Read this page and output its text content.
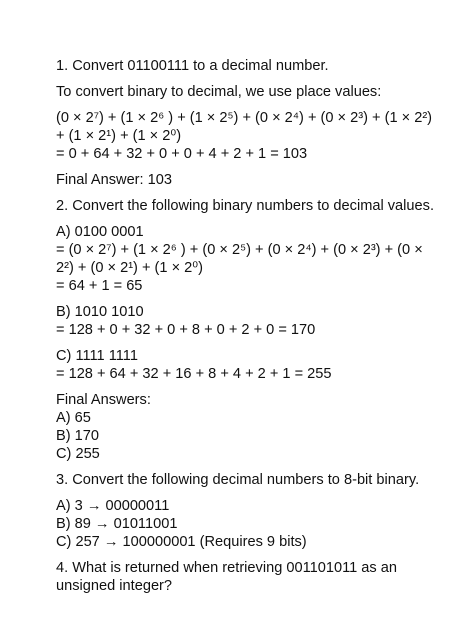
1. Convert 01100111 to a decimal number.

To convert binary to decimal, we use place values:

(0 × 2⁷) + (1 × 2⁶ ) + (1 × 2⁵) + (0 × 2⁴) + (0 × 2³) + (1 × 2²)

+ (1 × 2¹) + (1 × 2⁰)

= 0 + 64 + 32 + 0 + 0 + 4 + 2 + 1 = 103

Final Answer: 103

2. Convert the following binary numbers to decimal values.

A) 0100 0001

= (0 × 2⁷) + (1 × 2⁶ ) + (0 × 2⁵) + (0 × 2⁴) + (0 × 2³) + (0 ×

2²) + (0 × 2¹) + (1 × 2⁰)

= 64 + 1 = 65

B) 1010 1010

= 128 + 0 + 32 + 0 + 8 + 0 + 2 + 0 = 170

C) 1111 1111

= 128 + 64 + 32 + 16 + 8 + 4 + 2 + 1 = 255

Final Answers:

A) 65

B) 170

C) 255

3. Convert the following decimal numbers to 8-bit binary.

A) 3 → 00000011

B) 89 → 01011001

C) 257 → 100000001 (Requires 9 bits)

4. What is returned when retrieving 001101011 as an

unsigned integer?
